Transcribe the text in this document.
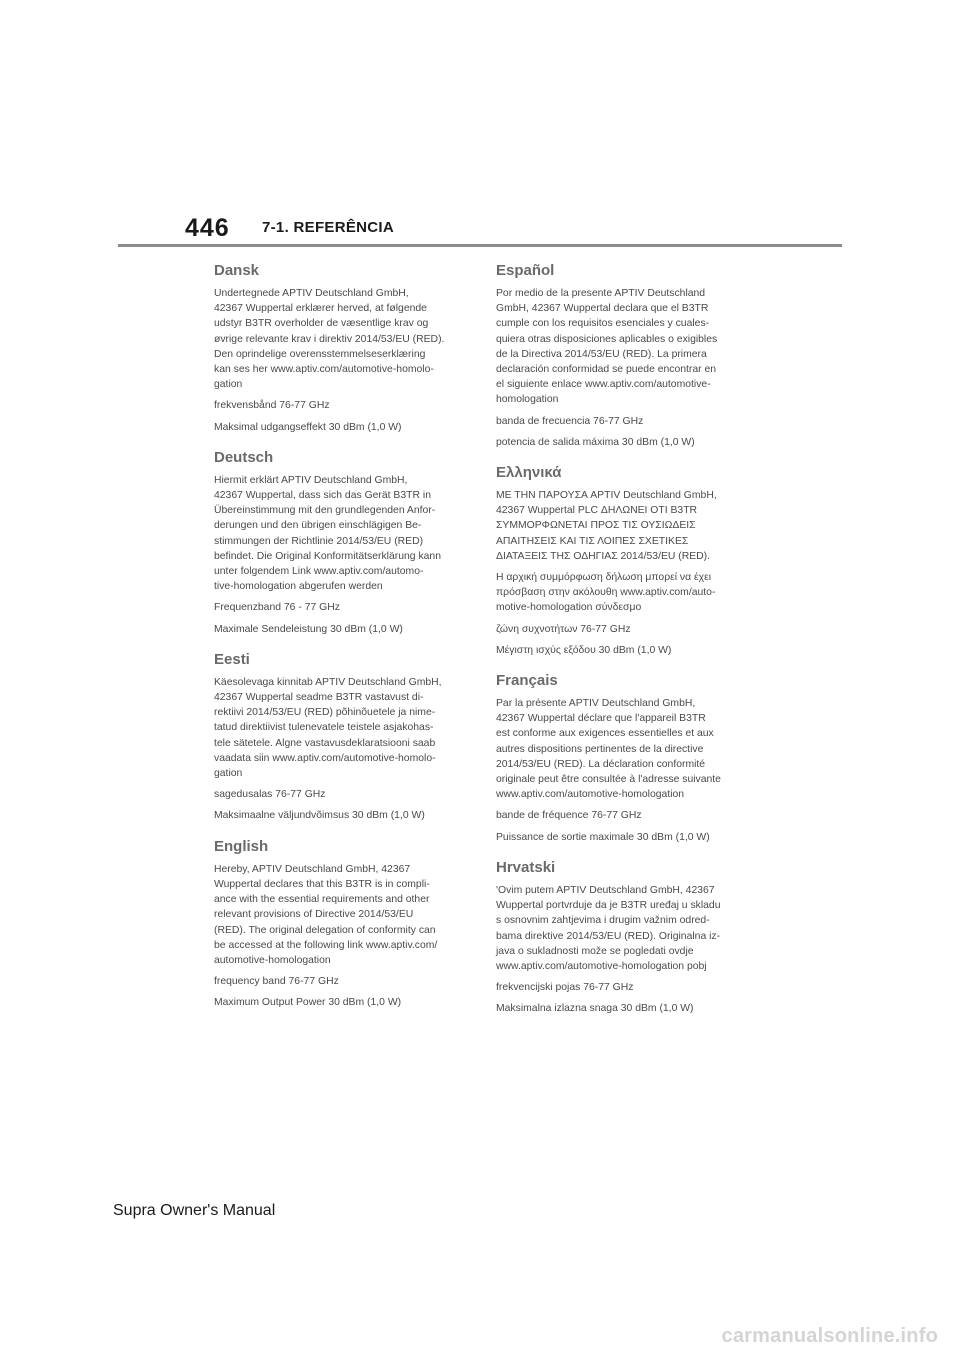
446 7-1. REFERÊNCIA
Dansk

Undertegnede APTIV Deutschland GmbH,
42367 Wuppertal erklærer herved, at følgende
udstyr B3TR overholder de væsentlige krav og
øvrige relevante krav i direktiv 2014/53/EU (RED).
Den oprindelige overensstemmelseserklæring
kan ses her www.aptiv.com/automotive-homolo-
gation

frekvensbånd 76-77 GHz

Maksimal udgangseffekt 30 dBm (1,0 W)

Deutsch

Hiermit erklärt APTIV Deutschland GmbH,
42367 Wuppertal, dass sich das Gerät B3TR in
Übereinstimmung mit den grundlegenden Anfor-
derungen und den übrigen einschlägigen Be-
stimmungen der Richtlinie 2014/53/EU (RED)
befindet. Die Original Konformitätserklärung kann
unter folgendem Link www.aptiv.com/automo-
tive-homologation abgerufen werden

Frequenzband 76 - 77 GHz

Maximale Sendeleistung 30 dBm (1,0 W)

Eesti

Käesolevaga kinnitab APTIV Deutschland GmbH,
42367 Wuppertal seadme B3TR vastavust di-
rektiivi 2014/53/EU (RED) põhinõuetele ja nime-
tatud direktiivist tulenevatele teistele asjakohas-
tele sätetele. Algne vastavusdeklaratsiooni saab
vaadata siin www.aptiv.com/automotive-homolo-
gation

sagedusalas 76-77 GHz

Maksimaalne väljundvõimsus 30 dBm (1,0 W)

English

Hereby, APTIV Deutschland GmbH, 42367
Wuppertal declares that this B3TR is in compli-
ance with the essential requirements and other
relevant provisions of Directive 2014/53/EU
(RED). The original delegation of conformity can
be accessed at the following link www.aptiv.com/
automotive-homologation

frequency band 76-77 GHz

Maximum Output Power 30 dBm (1,0 W)

Español

Por medio de la presente APTIV Deutschland
GmbH, 42367 Wuppertal declara que el B3TR
cumple con los requisitos esenciales y cuales-
quiera otras disposiciones aplicables o exigibles
de la Directiva 2014/53/EU (RED). La primera
declaración conformidad se puede encontrar en
el siguiente enlace www.aptiv.com/automotive-
homologation

banda de frecuencia 76-77 GHz

potencia de salida máxima 30 dBm (1,0 W)

Ελληνικά

ΜΕ ΤΗΝ ΠΑΡΟΥΣΑ APTIV Deutschland GmbH,
42367 Wuppertal PLC ΔΗΛΩΝΕΙ ΟΤΙ B3TR
ΣΥΜΜΟΡΦΩΝΕΤΑΙ ΠΡΟΣ ΤΙΣ ΟΥΣΙΩΔΕΙΣ
ΑΠΑΙΤΗΣΕΙΣ ΚΑΙ ΤΙΣ ΛΟΙΠΕΣ ΣΧΕΤΙΚΕΣ
ΔΙΑΤΑΞΕΙΣ ΤΗΣ ΟΔΗΓΙΑΣ 2014/53/EU (RED).

Η αρχική συμμόρφωση δήλωση μπορεί να έχει
πρόσβαση στην ακόλουθη www.aptiv.com/auto-
motive-homologation σύνδεσμο

ζώνη συχνοτήτων 76-77 GHz

Μέγιστη ισχύς εξόδου 30 dBm (1,0 W)

Français

Par la présente APTIV Deutschland GmbH,
42367 Wuppertal déclare que l'appareil B3TR
est conforme aux exigences essentielles et aux
autres dispositions pertinentes de la directive
2014/53/EU (RED). La déclaration conformité
originale peut être consultée à l'adresse suivante
www.aptiv.com/automotive-homologation

bande de fréquence 76-77 GHz

Puissance de sortie maximale 30 dBm (1,0 W)

Hrvatski

'Ovim putem APTIV Deutschland GmbH, 42367
Wuppertal portvrduje da je B3TR uređaj u skladu
s osnovnim zahtjevima i drugim važnim odred-
bama direktive 2014/53/EU (RED). Originalna iz-
java o sukladnosti može se pogledati ovdje
www.aptiv.com/automotive-homologation pobj

frekvencijski pojas 76-77 GHz

Maksimalna izlazna snaga 30 dBm (1,0 W)

Supra Owner's Manual
carmanualsonline.info
